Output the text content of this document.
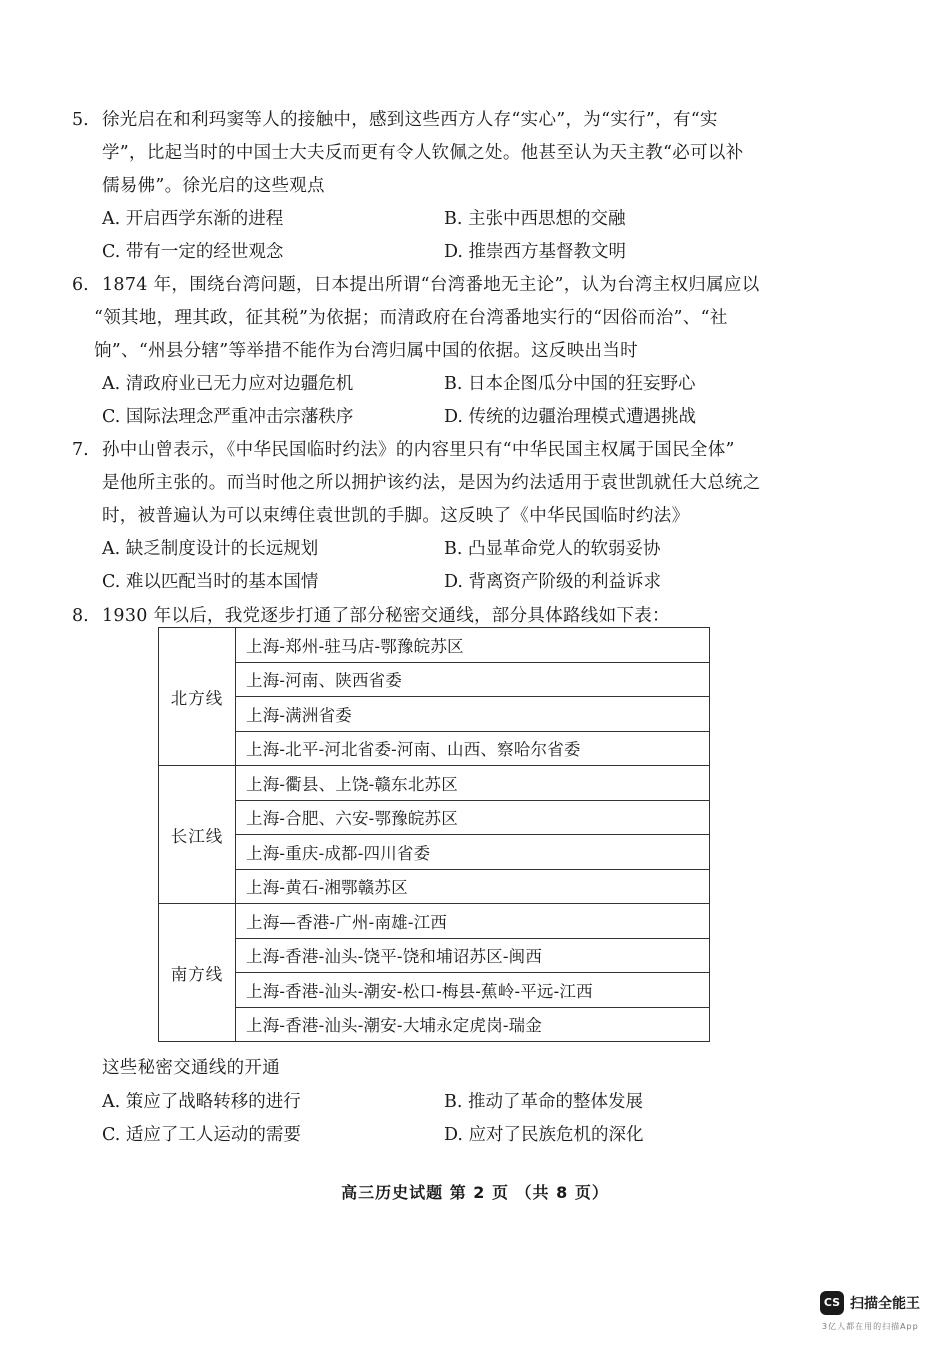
5. 徐光启在和利玛窦等人的接触中，感到这些西方人存“实心”，为“实行”，有“实
学”，比起当时的中国士大夫反而更有令人钦佩之处。他甚至认为天主教“必可以补
儒易佛”。徐光启的这些观点
A. 开启西学东渐的进程	B. 主张中西思想的交融
C. 带有一定的经世观念	D. 推崇西方基督教文明
6. 1874 年，围绕台湾问题，日本提出所谓“台湾番地无主论”，认为台湾主权归属应以
“领其地，理其政，征其税”为依据；而清政府在台湾番地实行的“因俗而治”、“社
饷”、“州县分辖”等举措不能作为台湾归属中国的依据。这反映出当时
A. 清政府业已无力应对边疆危机	B. 日本企图瓜分中国的狂妄野心
C. 国际法理念严重冲击宗藩秩序	D. 传统的边疆治理模式遭遇挑战
7. 孙中山曾表示，《中华民国临时约法》的内容里只有“中华民国主权属于国民全体”
是他所主张的。而当时他之所以拥护该约法，是因为约法适用于袁世凯就任大总统之
时，被普遍认为可以束缚住袁世凯的手脚。这反映了《中华民国临时约法》
A. 缺乏制度设计的长远规划	B. 凸显革命党人的软弱妥协
C. 难以匹配当时的基本国情	D. 背离资产阶级的利益诉求
8. 1930 年以后，我党逐步打通了部分秘密交通线，部分具体路线如下表：
北方线	上海-郑州-驻马店-鄂豫皖苏区
	上海-河南、陕西省委
	上海-满洲省委
	上海-北平-河北省委-河南、山西、察哈尔省委
长江线	上海-衢县、上饶-赣东北苏区
	上海-合肥、六安-鄂豫皖苏区
	上海-重庆-成都-四川省委
	上海-黄石-湘鄂赣苏区
南方线	上海—香港-广州-南雄-江西
	上海-香港-汕头-饶平-饶和埔诏苏区-闽西
	上海-香港-汕头-潮安-松口-梅县-蕉岭-平远-江西
	上海-香港-汕头-潮安-大埔永定虎岗-瑞金
这些秘密交通线的开通
A. 策应了战略转移的进行	B. 推动了革命的整体发展
C. 适应了工人运动的需要	D. 应对了民族危机的深化
高三历史试题 第 2 页 （共 8 页）
CS 扫描全能王
3亿人都在用的扫描App
